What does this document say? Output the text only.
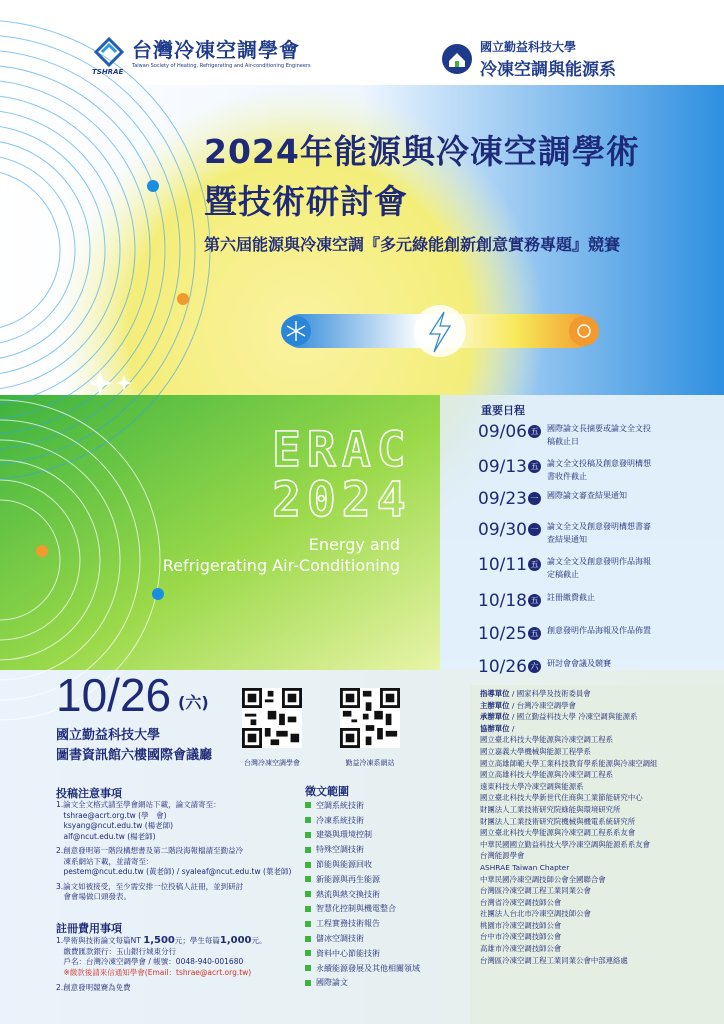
台灣冷凍空調學會
Taiwan Society of Heating, Refrigerating and Air-conditioning Engineers
TSHRAE
國立勤益科技大學
冷凍空調與能源系
2024年能源與冷凍空調學術
暨技術研討會
第六屆能源與冷凍空調『多元綠能創新創意實務專題』競賽
ERAC
2024
Energy and
Refrigerating Air-Conditioning
重要日程
09/06 五	國際論文長摘要或論文全文投稿截止日
09/13 五	論文全文投稿及創意發明構想書收件截止
09/23 一	國際論文審查結果通知
09/30 一	論文全文及創意發明構想書審查結果通知
10/11 五	論文全文及創意發明作品海報定稿截止
10/18 五	註冊繳費截止
10/25 五	創意發明作品海報及作品佈置
10/26 六	研討會會議及競賽
10/26 (六)
國立勤益科技大學
圖書資訊館六樓國際會議廳	台灣冷凍空調學會	勤益冷凍系網站
投稿注意事項
1.論文全文格式請至學會網站下載，論文請寄至：
　tshrae@acrt.org.tw (學　會)
　ksyang@ncut.edu.tw (楊老師)
　alf@ncut.edu.tw (楊老師)
2.創意發明第一階段構想書及第二階段海報檔請至勤益冷
　凍系網站下載，並請寄至：
　pestem@ncut.edu.tw (黃老師) / syaleaf@ncut.edu.tw (葉老師)
3.論文如被接受，至少需安排一位投稿人註冊，並到研討
　會會場做口頭發表。
註冊費用事項
1.學術與技術論文每篇NT 1,500元；學生每篇1,000元。
　繳費匯款銀行：玉山銀行城東分行
　戶名：台灣冷凍空調學會 / 帳號：0048-940-001680
　※繳款後請來信通知學會(Email：tshrae@acrt.org.tw)
2.創意發明競賽為免費
徵文範圍
空調系統技術
冷凍系統技術
建築與環境控制
特殊空調技術
節能與能源回收
新能源與再生能源
熱流與熱交換技術
智慧化控制與機電整合
工程實務技術報告
儲冰空調技術
資料中心節能技術
永續能源發展及其他相關領域
國際論文
指導單位 / 國家科學及技術委員會
主辦單位 / 台灣冷凍空調學會
承辦單位 / 國立勤益科技大學 冷凍空調與能源系
協辦單位 /
國立臺北科技大學能源與冷凍空調工程系
國立嘉義大學機械與能源工程學系
國立高雄師範大學工業科技教育學系能源與冷凍空調組
國立高雄科技大學能源與冷凍空調工程系
遠東科技大學冷凍空調與能源系
國立臺北科技大學新世代住商與工業節能研究中心
財團法人工業技術研究院綠能與環境研究所
財團法人工業技術研究院機械與機電系統研究所
國立臺北科技大學能源與冷凍空調工程系系友會
中華民國國立勤益科技大學冷凍空調與能源系系友會
台灣能源學會
ASHRAE Taiwan Chapter
中華民國冷凍空調技師公會全國聯合會
台灣區冷凍空調工程工業同業公會
台灣省冷凍空調技師公會
社團法人台北市冷凍空調技師公會
桃園市冷凍空調技師公會
台中市冷凍空調技師公會
高雄市冷凍空調技師公會
台灣區冷凍空調工程工業同業公會中部連絡處
